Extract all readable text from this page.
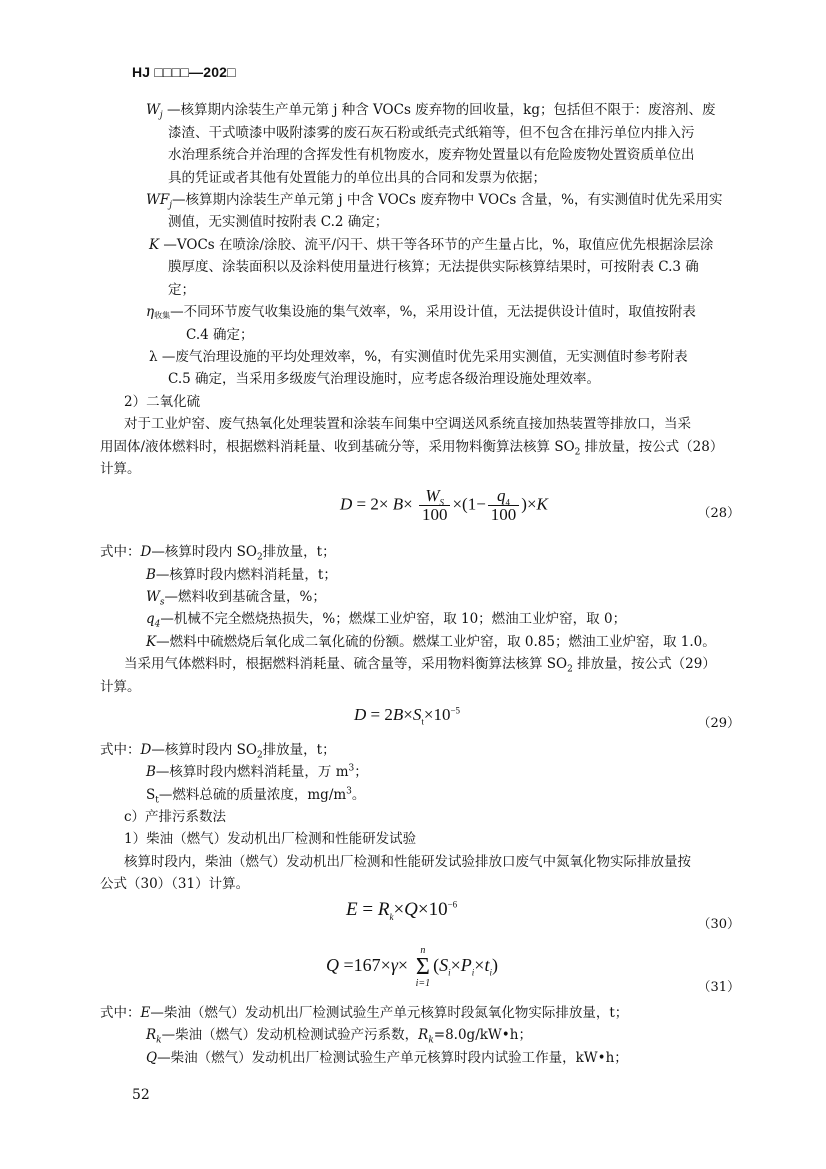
HJ □□□□—202□
$W_j$ —核算期内涂装生产单元第 j 种含 VOCs 废弃物的回收量，kg；包括但不限于：废溶剂、废
漆渣、干式喷漆中吸附漆雾的废石灰石粉或纸壳式纸箱等，但不包含在排污单位内排入污
水治理系统合并治理的含挥发性有机物废水，废弃物处置量以有危险废物处置资质单位出
具的凭证或者其他有处置能力的单位出具的合同和发票为依据；
$WF_j—$核算期内涂装生产单元第 j 中含 VOCs 废弃物中 VOCs 含量，%，有实测值时优先采用实
测值，无实测值时按附表 C.2 确定；
K —VOCs 在喷涂/涂胶、流平/闪干、烘干等各环节的产生量占比，%，取值应优先根据涂层涂
膜厚度、涂装面积以及涂料使用量进行核算；无法提供实际核算结果时，可按附表 C.3 确
定；
η收集—不同环节废气收集设施的集气效率，%，采用设计值，无法提供设计值时，取值按附表
C.4 确定；
λ —废气治理设施的平均处理效率，%，有实测值时优先采用实测值，无实测值时参考附表
C.5 确定，当采用多级废气治理设施时，应考虑各级治理设施处理效率。
2）二氧化硫
对于工业炉窑、废气热氧化处理装置和涂装车间集中空调送风系统直接加热装置等排放口，当采
用固体/液体燃料时，根据燃料消耗量、收到基硫分等，采用物料衡算法核算 $SO_2$ 排放量，按公式（28）
计算。
$D = 2\times B\times \frac{W_S}{100} \times(1- \frac{q_4}{100} )\times K$
（28）
式中：D—核算时段内 $SO_2$排放量，t；
B—核算时段内燃料消耗量，t；
$W_s—$燃料收到基硫含量，%；
$q_4—$机械不完全燃烧热损失，%；燃煤工业炉窑，取 10；燃油工业炉窑，取 0；
K—燃料中硫燃烧后氧化成二氧化硫的份额。燃煤工业炉窑，取 0.85；燃油工业炉窑，取 1.0。
当采用气体燃料时，根据燃料消耗量、硫含量等，采用物料衡算法核算 $SO_2$ 排放量，按公式（29）
计算。
$D = 2B\times S_t\times 10^{-5}$
（29）
式中：D—核算时段内 $SO_2$排放量，t；
B—核算时段内燃料消耗量，万 $m^3$；
$S_t—$燃料总硫的质量浓度，$mg/m^3$。
c）产排污系数法
1）柴油（燃气）发动机出厂检测和性能研发试验
核算时段内，柴油（燃气）发动机出厂检测和性能研发试验排放口废气中氮氧化物实际排放量按
公式（30）（31）计算。
$E = R_k\times Q\times 10^{-6}$
（30）
Q =167×γ×
n
Σ
i=1
$(S_i\times P_i\times t_i)$
（31）
式中：E—柴油（燃气）发动机出厂检测试验生产单元核算时段氮氧化物实际排放量，t；
$R_k—$柴油（燃气）发动机检测试验产污系数，$R_k=8.0g/kW•h$；
Q—柴油（燃气）发动机出厂检测试验生产单元核算时段内试验工作量，kW•h；
52
